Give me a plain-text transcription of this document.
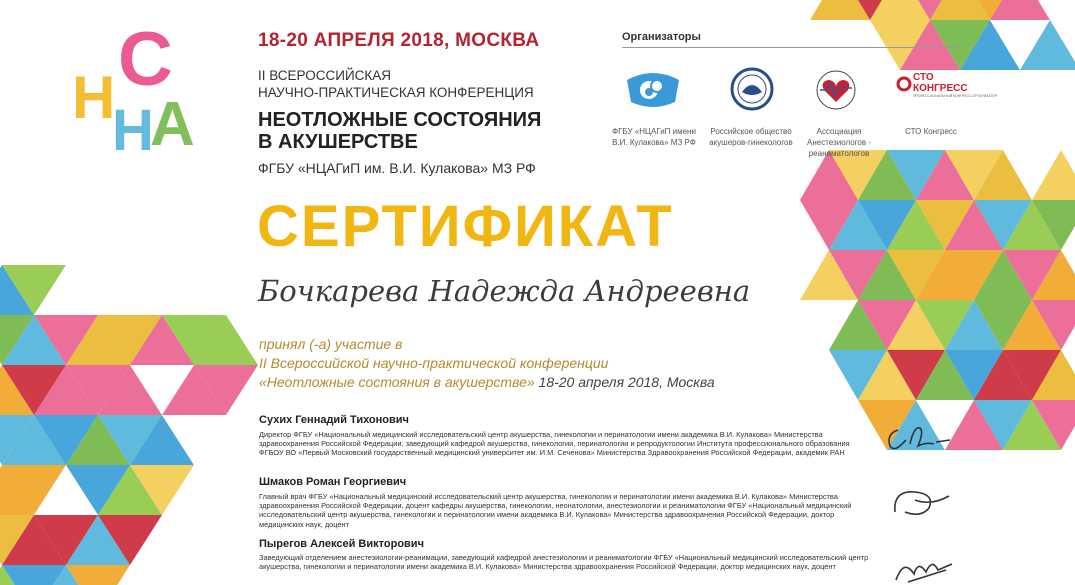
С
Н А
Н
18-20 АПРЕЛЯ 2018, МОСКВА
II ВСЕРОССИЙСКАЯ
НАУЧНО-ПРАКТИЧЕСКАЯ КОНФЕРЕНЦИЯ
НЕОТЛОЖНЫЕ СОСТОЯНИЯ
В АКУШЕРСТВЕ
ФГБУ «НЦАГиП им. В.И. Кулакова» МЗ РФ
Организаторы
СТО
КОНГРЕСС
ПРОФЕССИОНАЛЬНЫЙ КОНГРЕСС-ОРГАНИЗАТОР
ФГБУ «НЦАГиП имени В.И. Кулакова» МЗ РФ
Российское общество акушеров-гинекологов
Ассоциация Анестезиологов - реаниматологов
СТО Конгресс
СЕРТИФИКАТ
Бочкарева Надежда Андреевна
принял (-а) участие в
II Всероссийской научно-практической конференции
«Неотложные состояния в акушерстве» 18-20 апреля 2018, Москва
Сухих Геннадий Тихонович
Директор ФГБУ «Национальный медицинский исследовательский центр акушерства, гинекологии и перинатологии имени академика В.И. Кулакова» Министерства здравоохранения Российской Федерации, заведующий кафедрой акушерства, гинекологии, перинатологии и репродуктологии Института профессионального образования ФГБОУ ВО «Первый Московский государственный медицинский университет им. И.М. Сеченова» Министерства Здравоохранения Российской Федерации, академик РАН
Шмаков Роман Георгиевич
Главный врач ФГБУ «Национальный медицинский исследовательский центр акушерства, гинекологии и перинатологии имени академика В.И. Кулакова» Министерства здравоохранения Российской Федерации, доцент кафедры акушерства, гинекологии, неонатологии, анестезиологии и реаниматологии ФГБУ «Национальный медицинский исследовательский центр акушерства, гинекологии и перинатологии имени академика В.И. Кулакова» Министерства здравоохранения Российской Федерации, доктор медицинских наук, доцент
Пырегов Алексей Викторович
Заведующий отделением анестезиологии-реанимации, заведующий кафедрой анестезиологии и реаниматологии ФГБУ «Национальный медицинский исследовательский центр акушерства, гинекологии и перинатологии имени академика В.И. Кулакова» Министерства здравоохранения Российской Федерации, доктор медицинских наук, доцент
